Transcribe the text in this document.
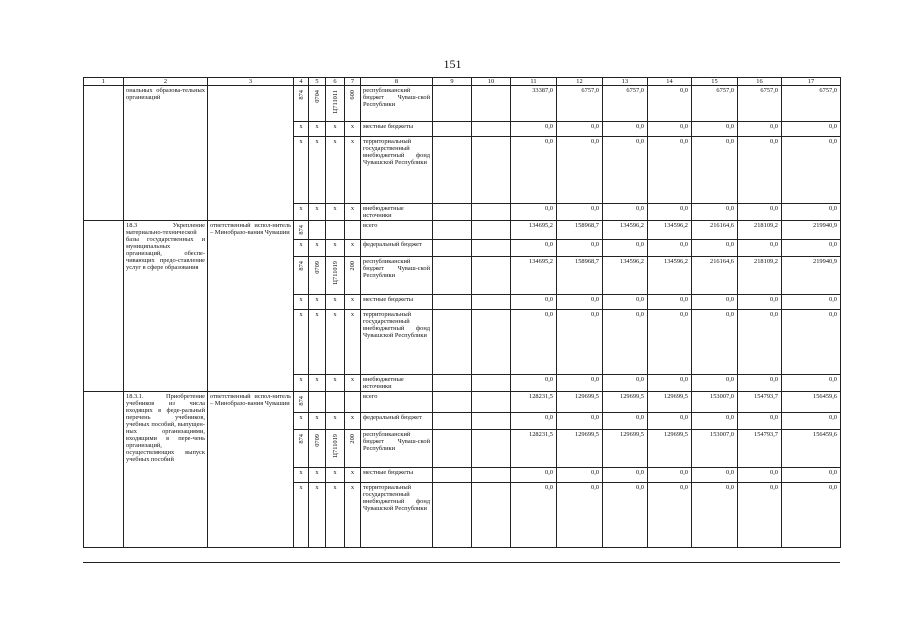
151
1	2	3	4	5	6	7	8	9	10	11	12	13	14	15	16	17
	ональных образова-тельных организаций		874	0704	Ц711011	600	республиканский бюджет Чуваш-ской Республики			33387,0	6757,0	6757,0	0,0	6757,0	6757,0	6757,0
			x	x	x	x	местные бюджеты			0,0	0,0	0,0	0,0	0,0	0,0	0,0
			x	x	x	x	территориальный государственный внебюджетный фонд Чувашской Республики			0,0	0,0	0,0	0,0	0,0	0,0	0,0
			x	x	x	x	внебюджетные источники			0,0	0,0	0,0	0,0	0,0	0,0	0,0
	18.3 Укрепление материально-технической базы государственных и муниципальных организаций, обеспе-чивающих предо-ставление услуг в сфере образования	ответственный испол-нитель – Минобразо-вания Чувашии	874				всего			134695,2	158968,7	134596,2	134596,2	216164,6	218109,2	219940,9
			x	x	x	x	федеральный бюджет			0,0	0,0	0,0	0,0	0,0	0,0	0,0
			874	0709	Ц711019	200	республиканский бюджет Чуваш-ской Республики			134695,2	158968,7	134596,2	134596,2	216164,6	218109,2	219940,9
			x	x	x	x	местные бюджеты			0,0	0,0	0,0	0,0	0,0	0,0	0,0
			x	x	x	x	территориальный государственный внебюджетный фонд Чувашской Республики			0,0	0,0	0,0	0,0	0,0	0,0	0,0
			x	x	x	x	внебюджетные источники			0,0	0,0	0,0	0,0	0,0	0,0	0,0
	18.3.1. Приобретение учебников из числа входящих в феде-ральный перечень учебников, учебных пособий, выпущен-ных организациями, входящими в пере-чень организаций, осуществляющих выпуск учебных пособий	ответственный испол-нитель – Минобразо-вания Чувашии	874				всего			128231,5	129699,5	129699,5	129699,5	153007,0	154793,7	156459,6
			x	x	x	x	федеральный бюджет			0,0	0,0	0,0	0,0	0,0	0,0	0,0
			874	0709	Ц711019	200	республиканский бюджет Чуваш-ской Республики			128231,5	129699,5	129699,5	129699,5	153007,0	154793,7	156459,6
			x	x	x	x	местные бюджеты			0,0	0,0	0,0	0,0	0,0	0,0	0,0
			x	x	x	x	территориальный государственный внебюджетный фонд Чувашской Республики			0,0	0,0	0,0	0,0	0,0	0,0	0,0
